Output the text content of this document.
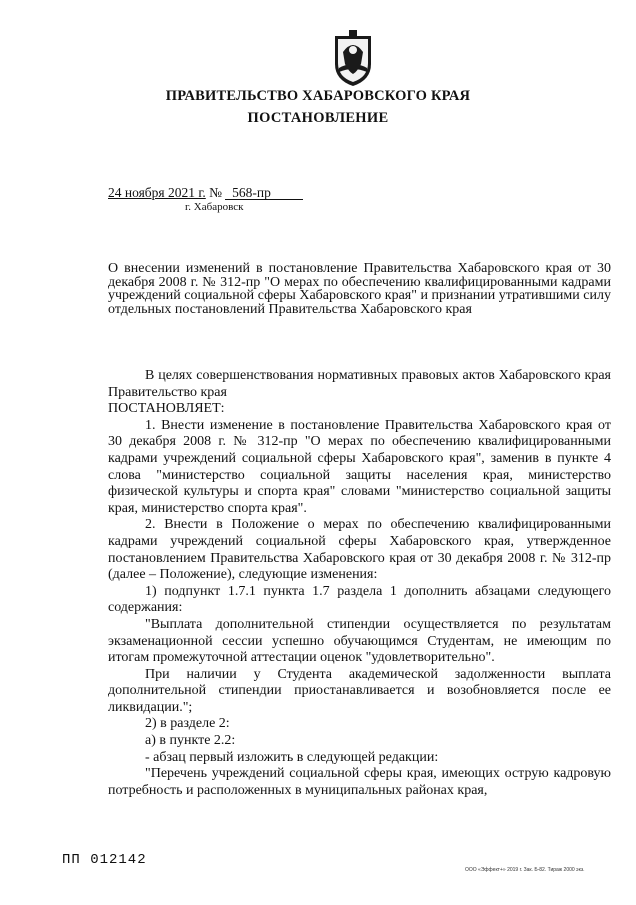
ПРАВИТЕЛЬСТВО ХАБАРОВСКОГО КРАЯ
ПОСТАНОВЛЕНИЕ
24 ноября 2021 г. № 568-пр
г. Хабаровск
О внесении изменений в постановление Правительства Хабаровского края от 30 декабря 2008 г. № 312-пр "О мерах по обеспечению квалифицированными кадрами учреждений социальной сферы Хабаровского края" и признании утратившими силу отдельных постановлений Правительства Хабаровского края

В целях совершенствования нормативных правовых актов Хабаровского края Правительство края

ПОСТАНОВЛЯЕТ:

1. Внести изменение в постановление Правительства Хабаровского края от 30 декабря 2008 г. № 312-пр "О мерах по обеспечению квалифицированными кадрами учреждений социальной сферы Хабаровского края", заменив в пункте 4 слова "министерство социальной защиты населения края, министерство физической культуры и спорта края" словами "министерство социальной защиты края, министерство спорта края".

2. Внести в Положение о мерах по обеспечению квалифицированными кадрами учреждений социальной сферы Хабаровского края, утвержденное постановлением Правительства Хабаровского края от 30 декабря 2008 г. № 312-пр (далее – Положение), следующие изменения:

1) подпункт 1.7.1 пункта 1.7 раздела 1 дополнить абзацами следующего содержания:

"Выплата дополнительной стипендии осуществляется по результатам экзаменационной сессии успешно обучающимся Студентам, не имеющим по итогам промежуточной аттестации оценок "удовлетворительно".

При наличии у Студента академической задолженности выплата дополнительной стипендии приостанавливается и возобновляется после ее ликвидации.";

2) в разделе 2:

а) в пункте 2.2:

- абзац первый изложить в следующей редакции:

"Перечень учреждений социальной сферы края, имеющих острую кадровую потребность и расположенных в муниципальных районах края,

ПП 012142
ООО «Эффект+» 2019 г. Зак. Б-82. Тираж 2000 экз.
